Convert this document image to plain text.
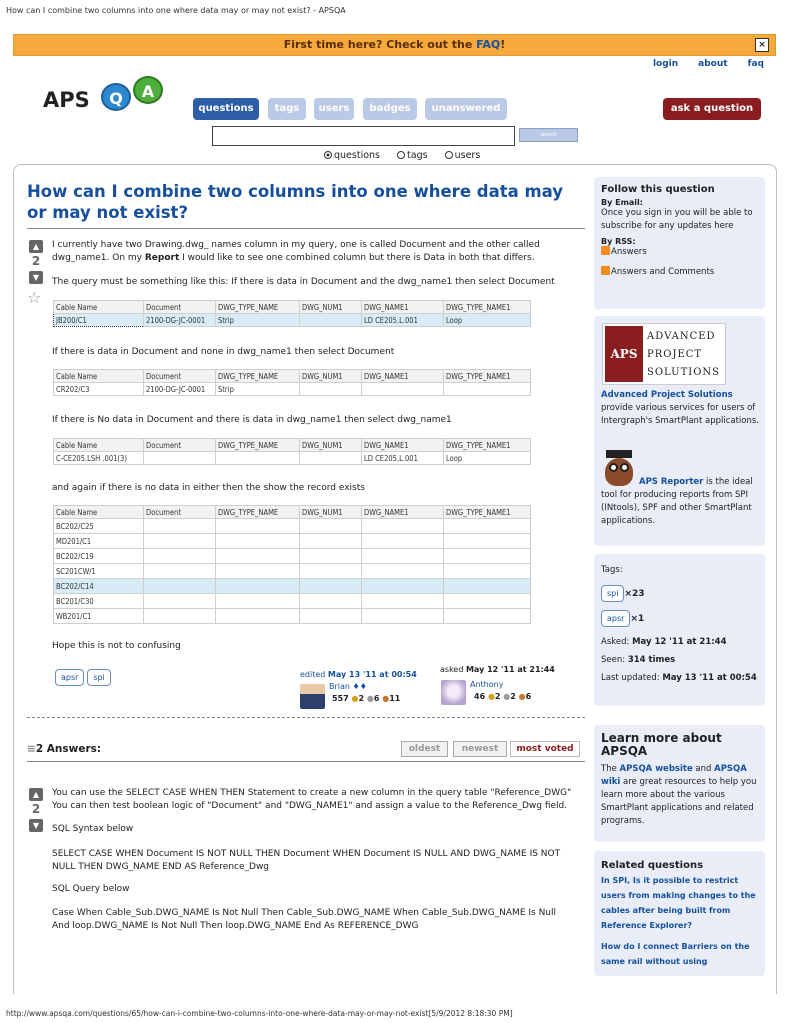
How can I combine two columns into one where data may or may not exist? - APSQA
First time here? Check out the FAQ!	×
login about faq
APS	Q	A
questions	tags	users	badges	unanswered	ask a question
search
questions	tags	users
How can I combine two columns into one where data may or may not exist?
▲
2
▼
☆
I currently have two Drawing.dwg_ names column in my query, one is called Document and the other called dwg_name1. On my Report I would like to see one combined column but there is Data in both that differs.
The query must be something like this: If there is data in Document and the dwg_name1 then select Document
Cable Name	Document	DWG_TYPE_NAME	DWG_NUM1	DWG_NAME1	DWG_TYPE_NAME1
JB200/C1	2100-DG-JC-0001	Strip		LD CE205.L.001	Loop
If there is data in Document and none in dwg_name1 then select Document
Cable Name	Document	DWG_TYPE_NAME	DWG_NUM1	DWG_NAME1	DWG_TYPE_NAME1
CR202/C3	2100-DG-JC-0001	Strip			
If there is No data in Document and there is data in dwg_name1 then select dwg_name1
Cable Name	Document	DWG_TYPE_NAME	DWG_NUM1	DWG_NAME1	DWG_TYPE_NAME1
C-CE205.LSH .001(3)				LD CE205.L.001	Loop
and again if there is no data in either then the show the record exists
Cable Name	Document	DWG_TYPE_NAME	DWG_NUM1	DWG_NAME1	DWG_TYPE_NAME1
BC202/C25					
MD201/C1					
BC202/C19					
SC201CW/1					
BC202/C14					
BC201/C30					
WB201/C1					
Hope this is not to confusing
apsr spi	edited May 13 '11 at 00:54
Brian ♦♦
557 ●2 ●6 ●11
asked May 12 '11 at 21:44
Anthony
46 ●2 ●2 ●6
≡2 Answers:	oldest	newest	most voted
▲
2
▼
You can use the SELECT CASE WHEN THEN Statement to create a new column in the query table "Reference_DWG" You can then test boolean logic of "Document" and "DWG_NAME1" and assign a value to the Reference_Dwg field.
SQL Syntax below
SELECT CASE WHEN Document IS NOT NULL THEN Document WHEN Document IS NULL AND DWG_NAME IS NOT NULL THEN DWG_NAME END AS Reference_Dwg
SQL Query below
Case When Cable_Sub.DWG_NAME Is Not Null Then Cable_Sub.DWG_NAME When Cable_Sub.DWG_NAME Is Null And loop.DWG_NAME Is Not Null Then loop.DWG_NAME End As REFERENCE_DWG
Follow this question
By Email:
Once you sign in you will be able to subscribe for any updates here
By RSS:
Answers
Answers and Comments
APS
ADVANCED
PROJECT
SOLUTIONS
Advanced Project Solutions provide various services for users of Intergraph's SmartPlant applications.
APS Reporter is the ideal tool for producing reports from SPI (INtools), SPF and other SmartPlant applications.
Tags:
spi ×23
apsr ×1
Asked: May 12 '11 at 21:44
Seen: 314 times
Last updated: May 13 '11 at 00:54
Learn more about APSQA
The APSQA website and APSQA wiki are great resources to help you learn more about the various SmartPlant applications and related programs.
Related questions
In SPI, Is it possible to restrict users from making changes to the cables after being built from Reference Explorer?
How do I connect Barriers on the same rail without using
http://www.apsqa.com/questions/65/how-can-i-combine-two-columns-into-one-where-data-may-or-may-not-exist[5/9/2012 8:18:30 PM]
